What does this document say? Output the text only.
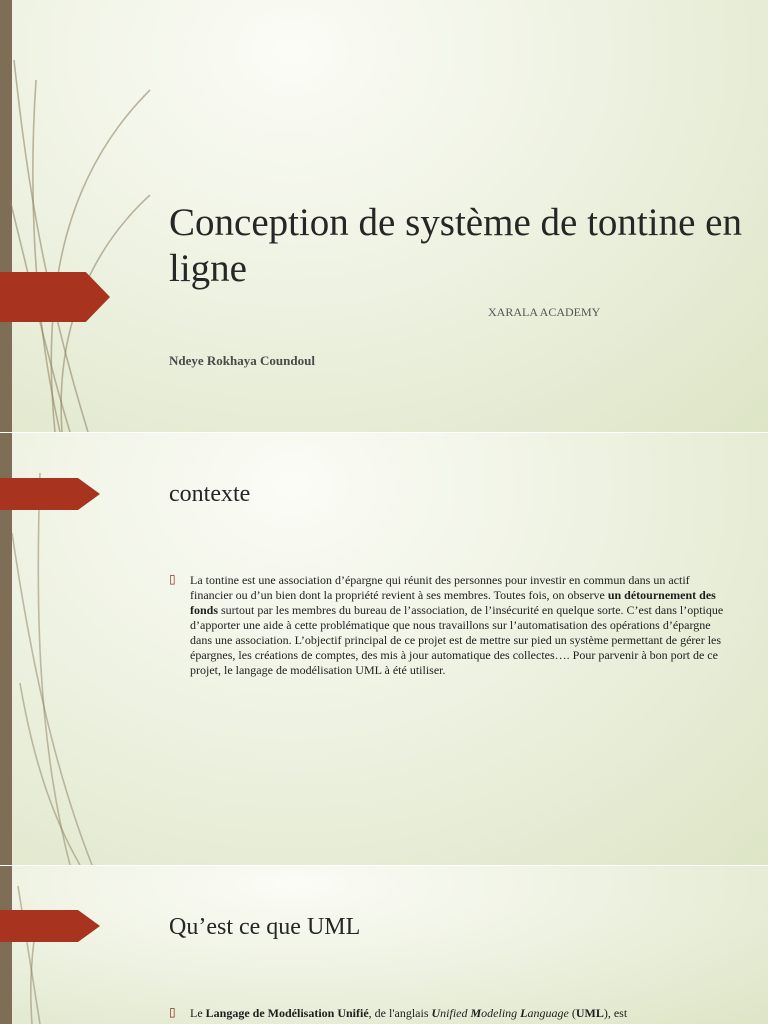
Conception de système de tontine en ligne

XARALA ACADEMY

Ndeye Rokhaya Coundoul

contexte
▯ La tontine est une association d’épargne qui réunit des personnes pour investir en commun dans un actif financier ou d’un bien dont la propriété revient à ses membres. Toutes fois, on observe un détournement des fonds surtout par les membres du bureau de l’association, de l’insécurité en quelque sorte. C’est dans l’optique d’apporter une aide à cette problématique que nous travaillons sur l’automatisation des opérations d’épargne dans une association. L’objectif principal de ce projet est de mettre sur pied un système permettant de gérer les épargnes, les créations de comptes, des mis à jour automatique des collectes…. Pour parvenir à bon port de ce projet, le langage de modélisation UML à été utiliser.

Qu’est ce que UML
▯ Le Langage de Modélisation Unifié, de l'anglais Unified Modeling Language (UML), est
